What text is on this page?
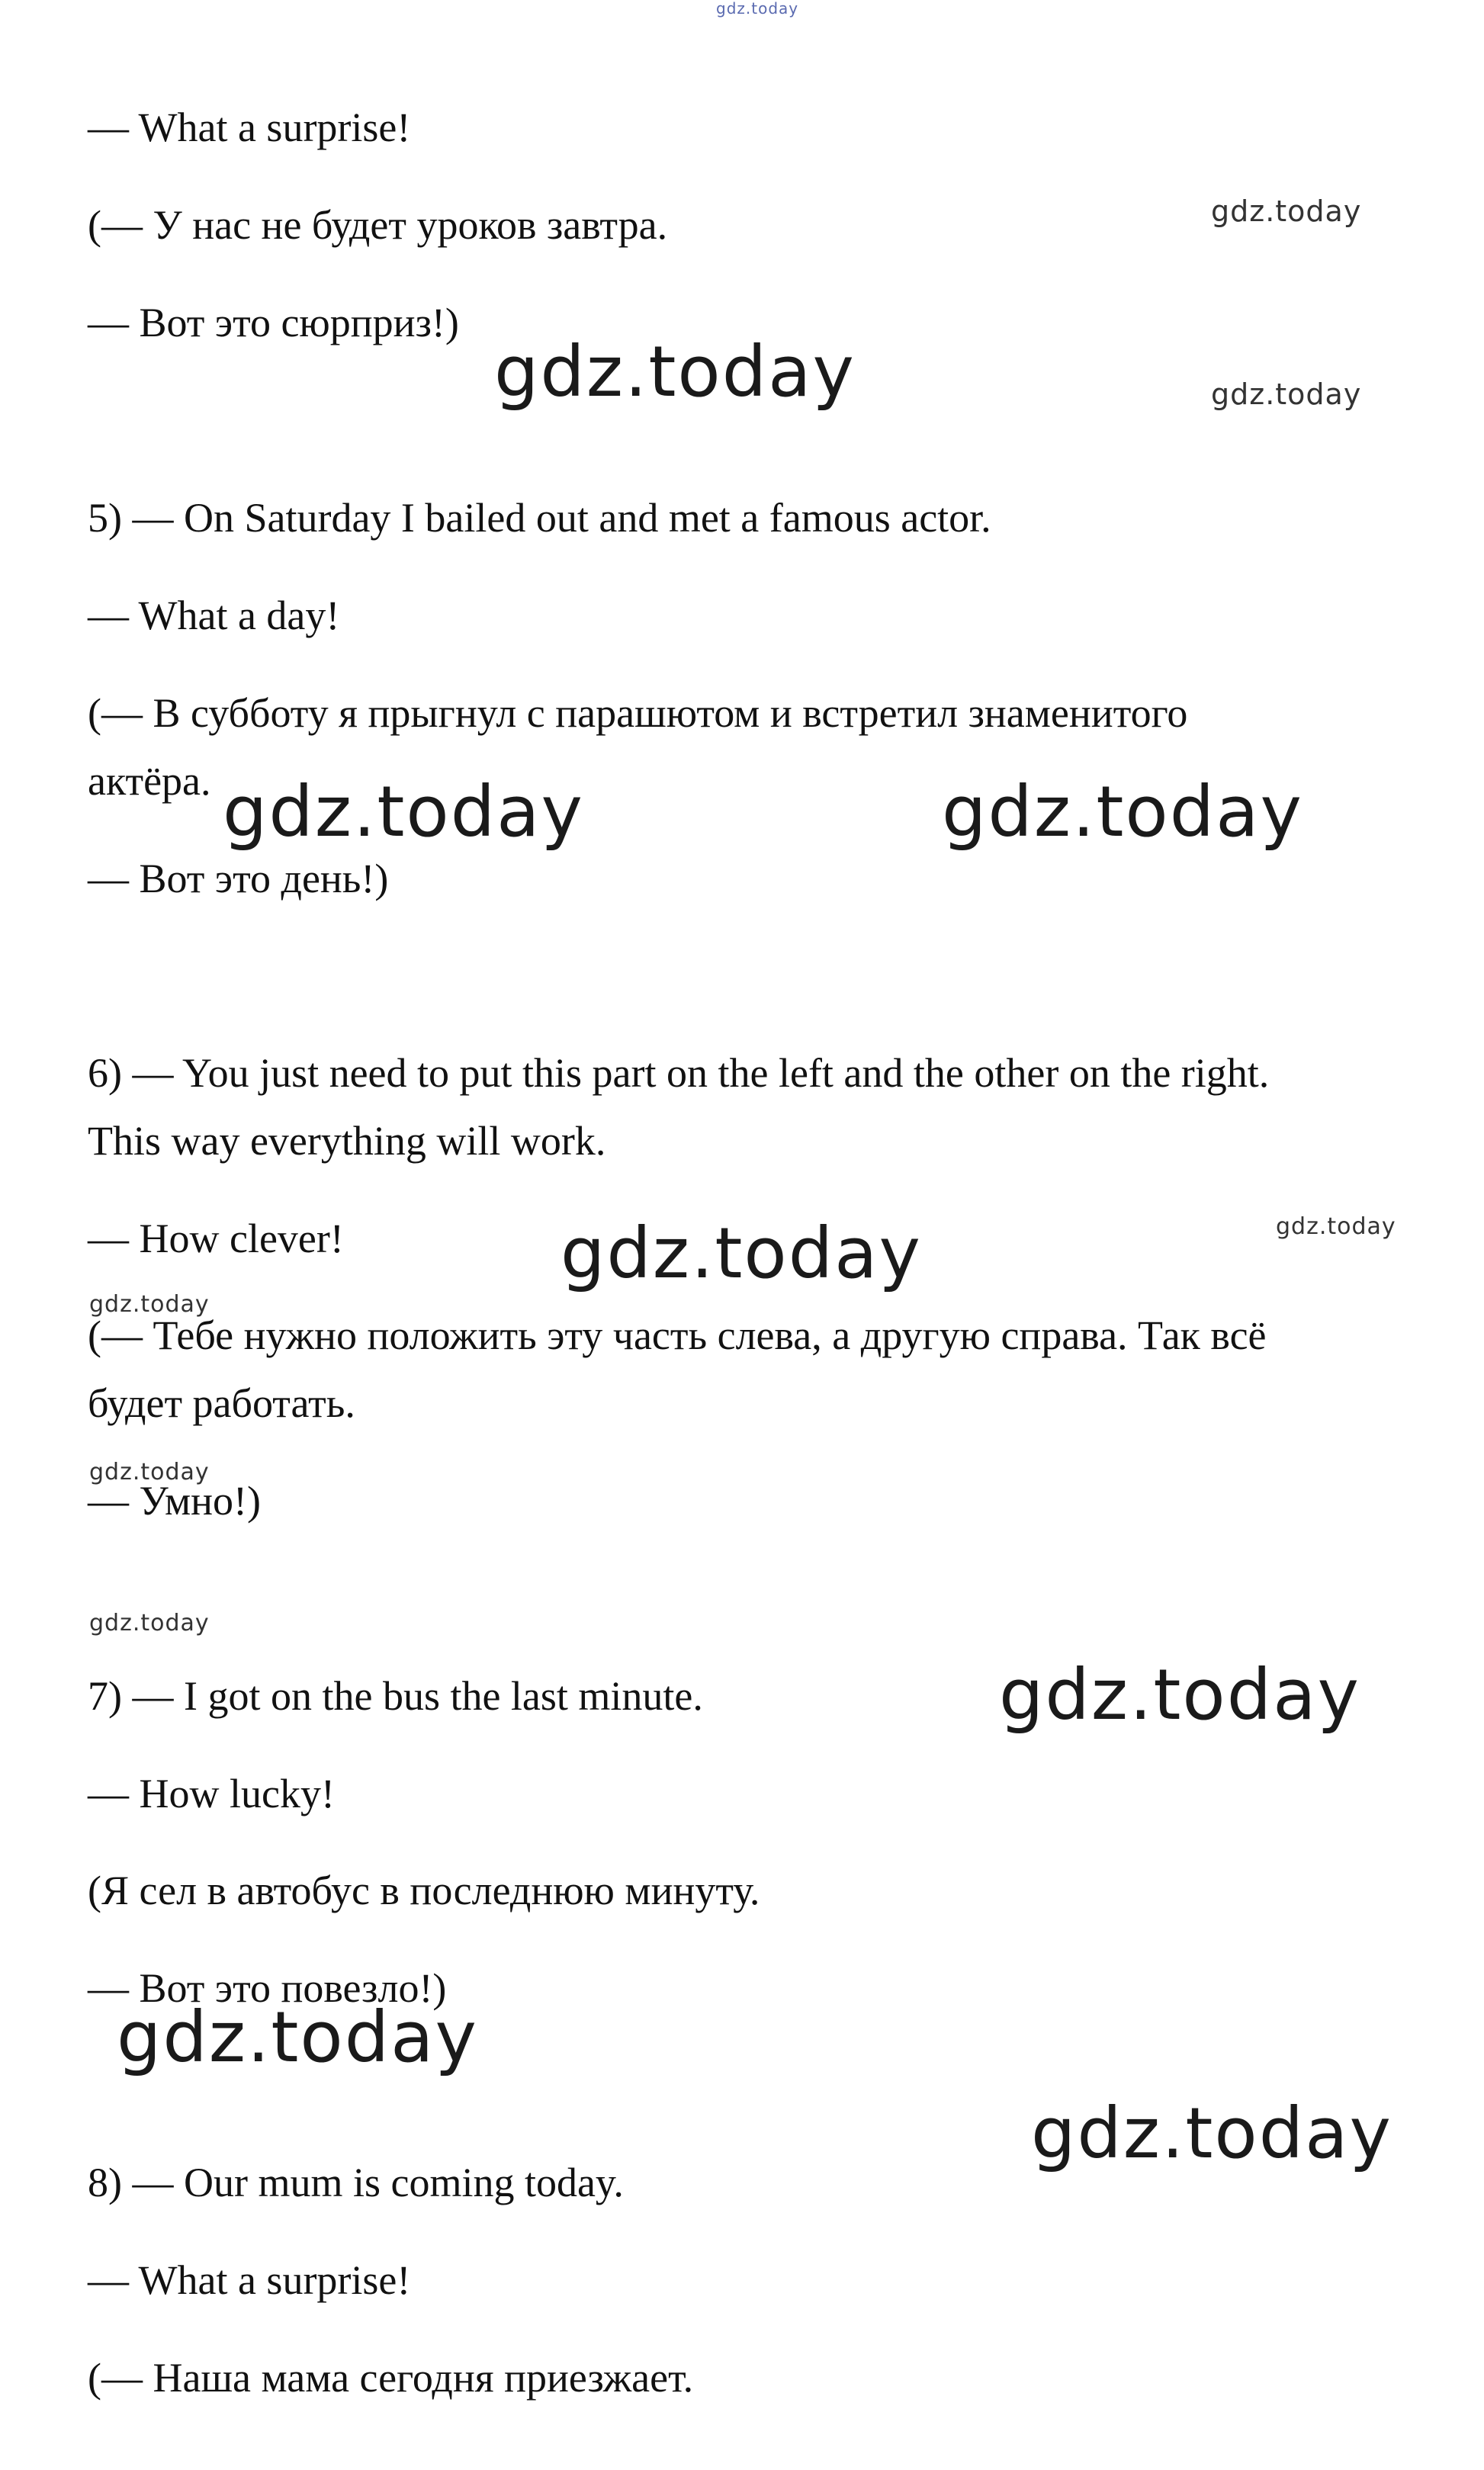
— What a surprise!

(— У нас не будет уроков завтра.

— Вот это сюрприз!)

5) — On Saturday I bailed out and met a famous actor.

— What a day!

(— В субботу я прыгнул с парашютом и встретил знаменитого

актёра.

— Вот это день!)

6) — You just need to put this part on the left and the other on the right.

This way everything will work.

— How clever!

(— Тебе нужно положить эту часть слева, а другую справа. Так всё

будет работать.

— Умно!)

7) — I got on the bus the last minute.

— How lucky!

(Я сел в автобус в последнюю минуту.

— Вот это повезло!)

8) — Our mum is coming today.

— What a surprise!

(— Наша мама сегодня приезжает.

gdz.today

gdz.today

gdz.today	gdz.today

gdz.today	gdz.today

gdz.today

gdz.today

gdz.today

gdz.today

gdz.today

gdz.today

gdz.today

gdz.today
